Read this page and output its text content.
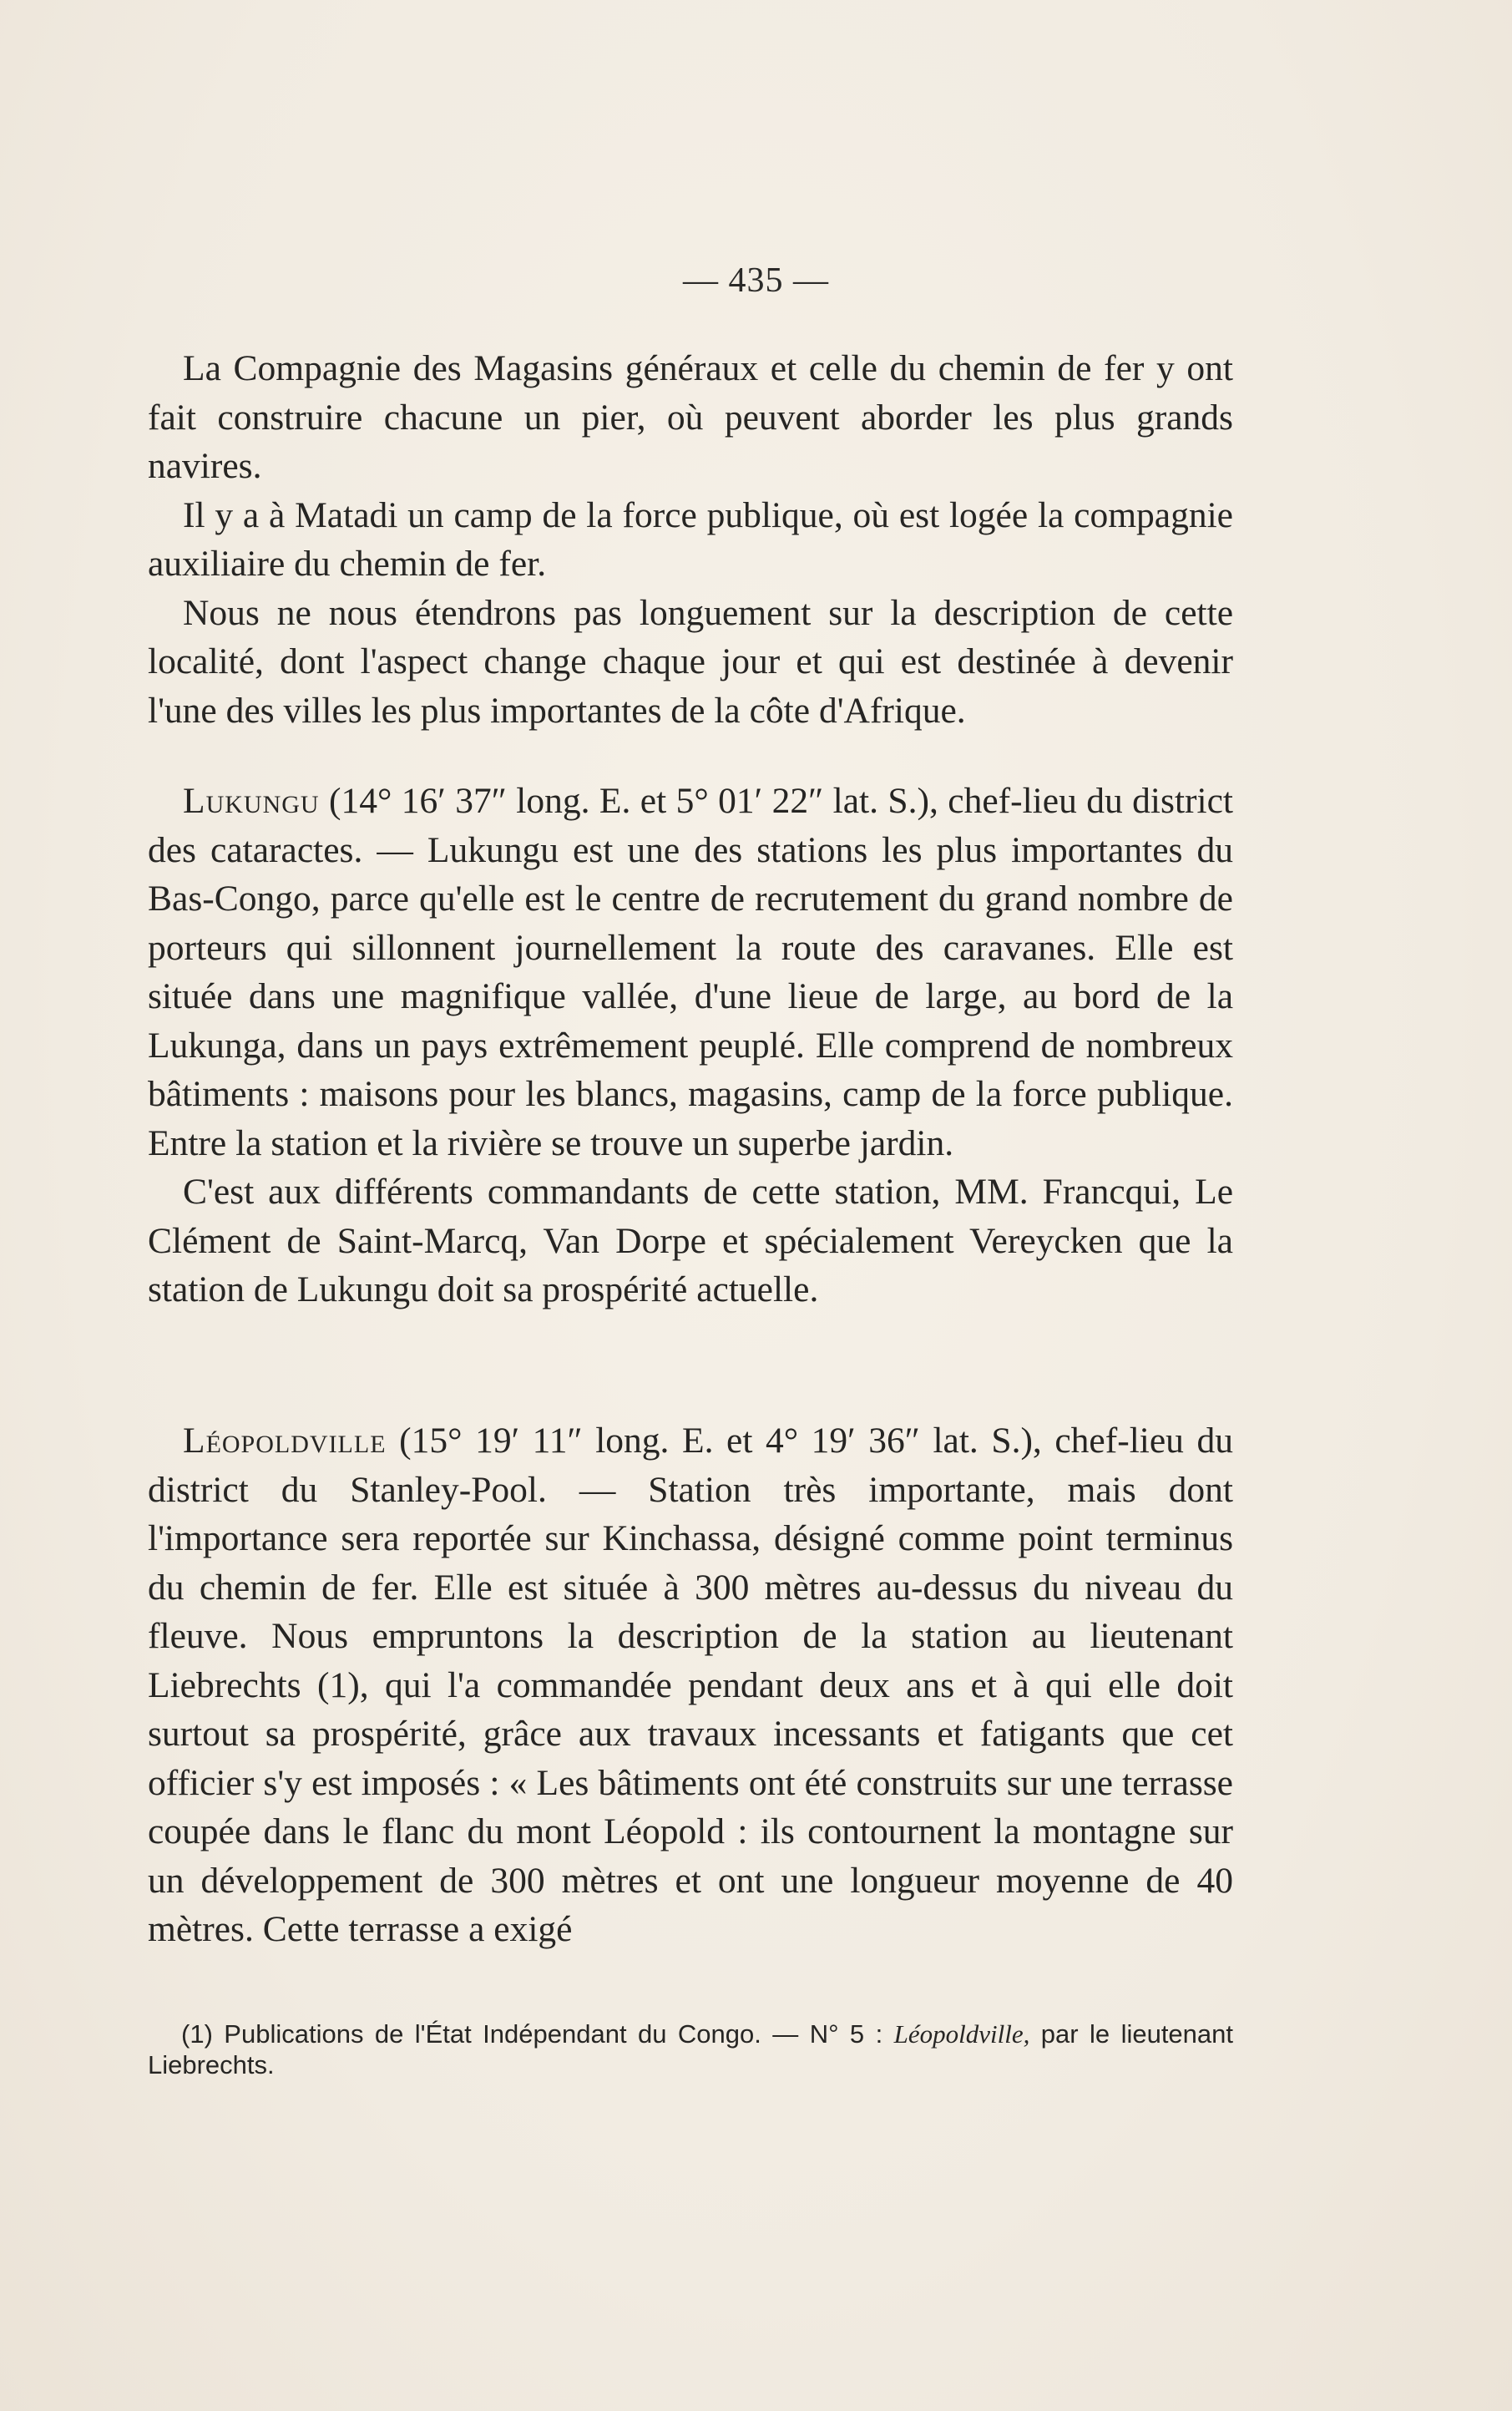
— 435 —

La Compagnie des Magasins généraux et celle du chemin de fer y ont fait construire chacune un pier, où peuvent aborder les plus grands navires.

Il y a à Matadi un camp de la force publique, où est logée la compagnie auxiliaire du chemin de fer.

Nous ne nous étendrons pas longuement sur la description de cette localité, dont l'aspect change chaque jour et qui est destinée à devenir l'une des villes les plus importantes de la côte d'Afrique.

Lukungu (14° 16′ 37″ long. E. et 5° 01′ 22″ lat. S.), chef-lieu du district des cataractes. — Lukungu est une des stations les plus importantes du Bas-Congo, parce qu'elle est le centre de recrutement du grand nombre de porteurs qui sillonnent journellement la route des caravanes. Elle est située dans une magnifique vallée, d'une lieue de large, au bord de la Lukunga, dans un pays extrêmement peuplé. Elle comprend de nombreux bâtiments : maisons pour les blancs, magasins, camp de la force publique. Entre la station et la rivière se trouve un superbe jardin.

C'est aux différents commandants de cette station, MM. Francqui, Le Clément de Saint-Marcq, Van Dorpe et spécialement Vereycken que la station de Lukungu doit sa prospérité actuelle.

Léopoldville (15° 19′ 11″ long. E. et 4° 19′ 36″ lat. S.), chef-lieu du district du Stanley-Pool. — Station très importante, mais dont l'importance sera reportée sur Kinchassa, désigné comme point terminus du chemin de fer. Elle est située à 300 mètres au-dessus du niveau du fleuve. Nous empruntons la description de la station au lieutenant Liebrechts (1), qui l'a commandée pendant deux ans et à qui elle doit surtout sa prospérité, grâce aux travaux incessants et fatigants que cet officier s'y est imposés : « Les bâtiments ont été construits sur une terrasse coupée dans le flanc du mont Léopold : ils contournent la montagne sur un développement de 300 mètres et ont une longueur moyenne de 40 mètres. Cette terrasse a exigé

(1) Publications de l'État Indépendant du Congo. — N° 5 : Léopoldville, par le lieutenant Liebrechts.
